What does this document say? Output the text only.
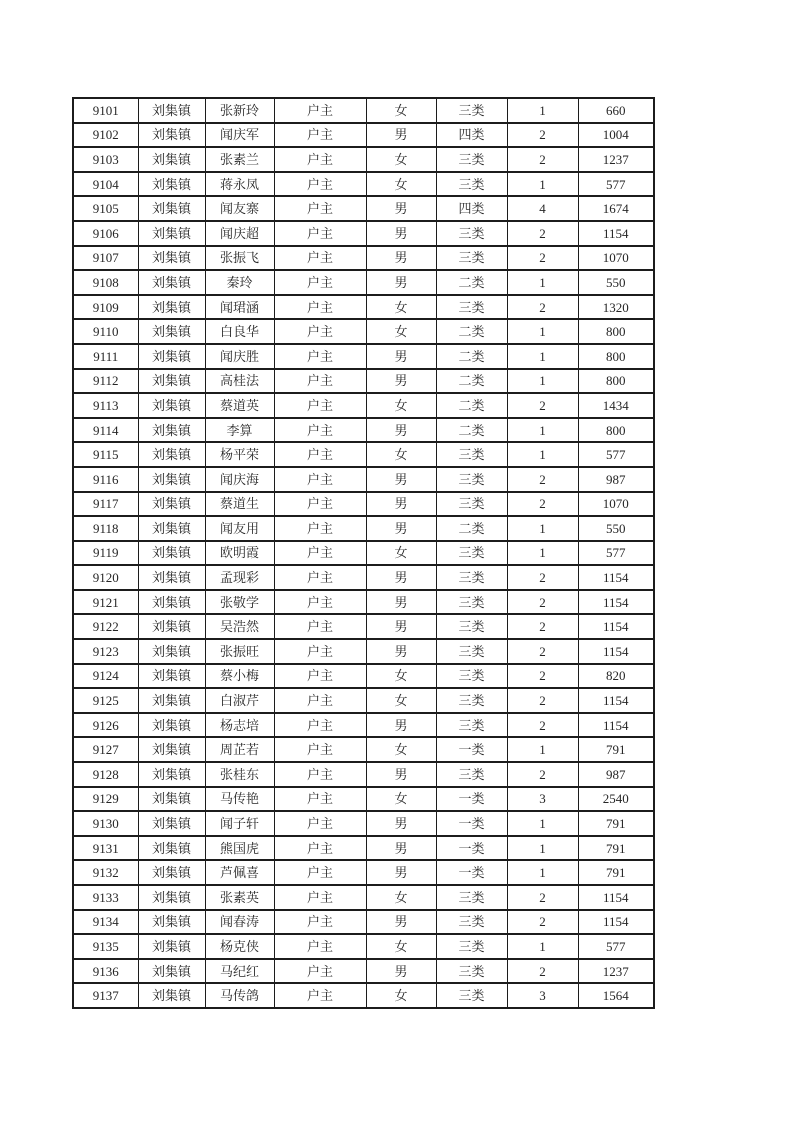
9101	刘集镇	张新玲	户主	女	三类	1	660
9102	刘集镇	闻庆军	户主	男	四类	2	1004
9103	刘集镇	张素兰	户主	女	三类	2	1237
9104	刘集镇	蒋永凤	户主	女	三类	1	577
9105	刘集镇	闻友寨	户主	男	四类	4	1674
9106	刘集镇	闻庆超	户主	男	三类	2	1154
9107	刘集镇	张振飞	户主	男	三类	2	1070
9108	刘集镇	秦玲	户主	男	二类	1	550
9109	刘集镇	闻珺涵	户主	女	三类	2	1320
9110	刘集镇	白良华	户主	女	二类	1	800
9111	刘集镇	闻庆胜	户主	男	二类	1	800
9112	刘集镇	高桂法	户主	男	二类	1	800
9113	刘集镇	蔡道英	户主	女	二类	2	1434
9114	刘集镇	李算	户主	男	二类	1	800
9115	刘集镇	杨平荣	户主	女	三类	1	577
9116	刘集镇	闻庆海	户主	男	三类	2	987
9117	刘集镇	蔡道生	户主	男	三类	2	1070
9118	刘集镇	闻友用	户主	男	二类	1	550
9119	刘集镇	欧明霞	户主	女	三类	1	577
9120	刘集镇	孟现彩	户主	男	三类	2	1154
9121	刘集镇	张敬学	户主	男	三类	2	1154
9122	刘集镇	吴浩然	户主	男	三类	2	1154
9123	刘集镇	张振旺	户主	男	三类	2	1154
9124	刘集镇	蔡小梅	户主	女	三类	2	820
9125	刘集镇	白淑芹	户主	女	三类	2	1154
9126	刘集镇	杨志培	户主	男	三类	2	1154
9127	刘集镇	周芷若	户主	女	一类	1	791
9128	刘集镇	张桂东	户主	男	三类	2	987
9129	刘集镇	马传艳	户主	女	一类	3	2540
9130	刘集镇	闻子轩	户主	男	一类	1	791
9131	刘集镇	熊国虎	户主	男	一类	1	791
9132	刘集镇	芦佩喜	户主	男	一类	1	791
9133	刘集镇	张素英	户主	女	三类	2	1154
9134	刘集镇	闻春涛	户主	男	三类	2	1154
9135	刘集镇	杨克侠	户主	女	三类	1	577
9136	刘集镇	马纪红	户主	男	三类	2	1237
9137	刘集镇	马传鸽	户主	女	三类	3	1564
